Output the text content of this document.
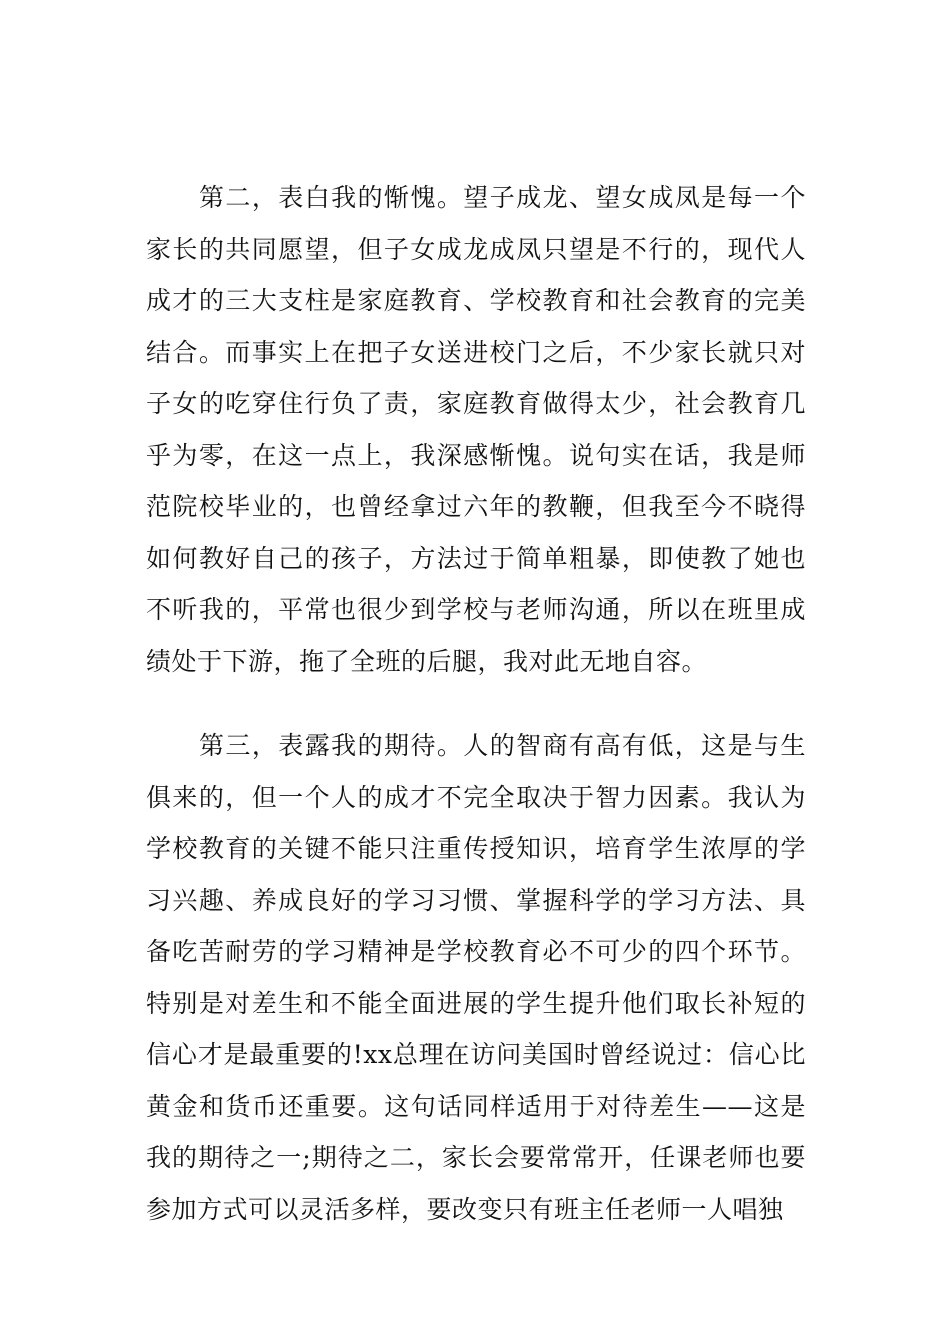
第二，表白我的惭愧。望子成龙、望女成凤是每一个家长的共同愿望，但子女成龙成凤只望是不行的，现代人成才的三大支柱是家庭教育、学校教育和社会教育的完美结合。而事实上在把子女送进校门之后，不少家长就只对子女的吃穿住行负了责，家庭教育做得太少，社会教育几乎为零，在这一点上，我深感惭愧。说句实在话，我是师范院校毕业的，也曾经拿过六年的教鞭，但我至今不晓得如何教好自己的孩子，方法过于简单粗暴，即使教了她也不听我的，平常也很少到学校与老师沟通，所以在班里成绩处于下游，拖了全班的后腿，我对此无地自容。

第三，表露我的期待。人的智商有高有低，这是与生俱来的，但一个人的成才不完全取决于智力因素。我认为学校教育的关键不能只注重传授知识，培育学生浓厚的学习兴趣、养成良好的学习习惯、掌握科学的学习方法、具备吃苦耐劳的学习精神是学校教育必不可少的四个环节。特别是对差生和不能全面进展的学生提升他们取长补短的信心才是最重要的!xx总理在访问美国时曾经说过：信心比黄金和货币还重要。这句话同样适用于对待差生——这是我的期待之一;期待之二，家长会要常常开，任课老师也要参加方式可以灵活多样，要改变只有班主任老师一人唱独
